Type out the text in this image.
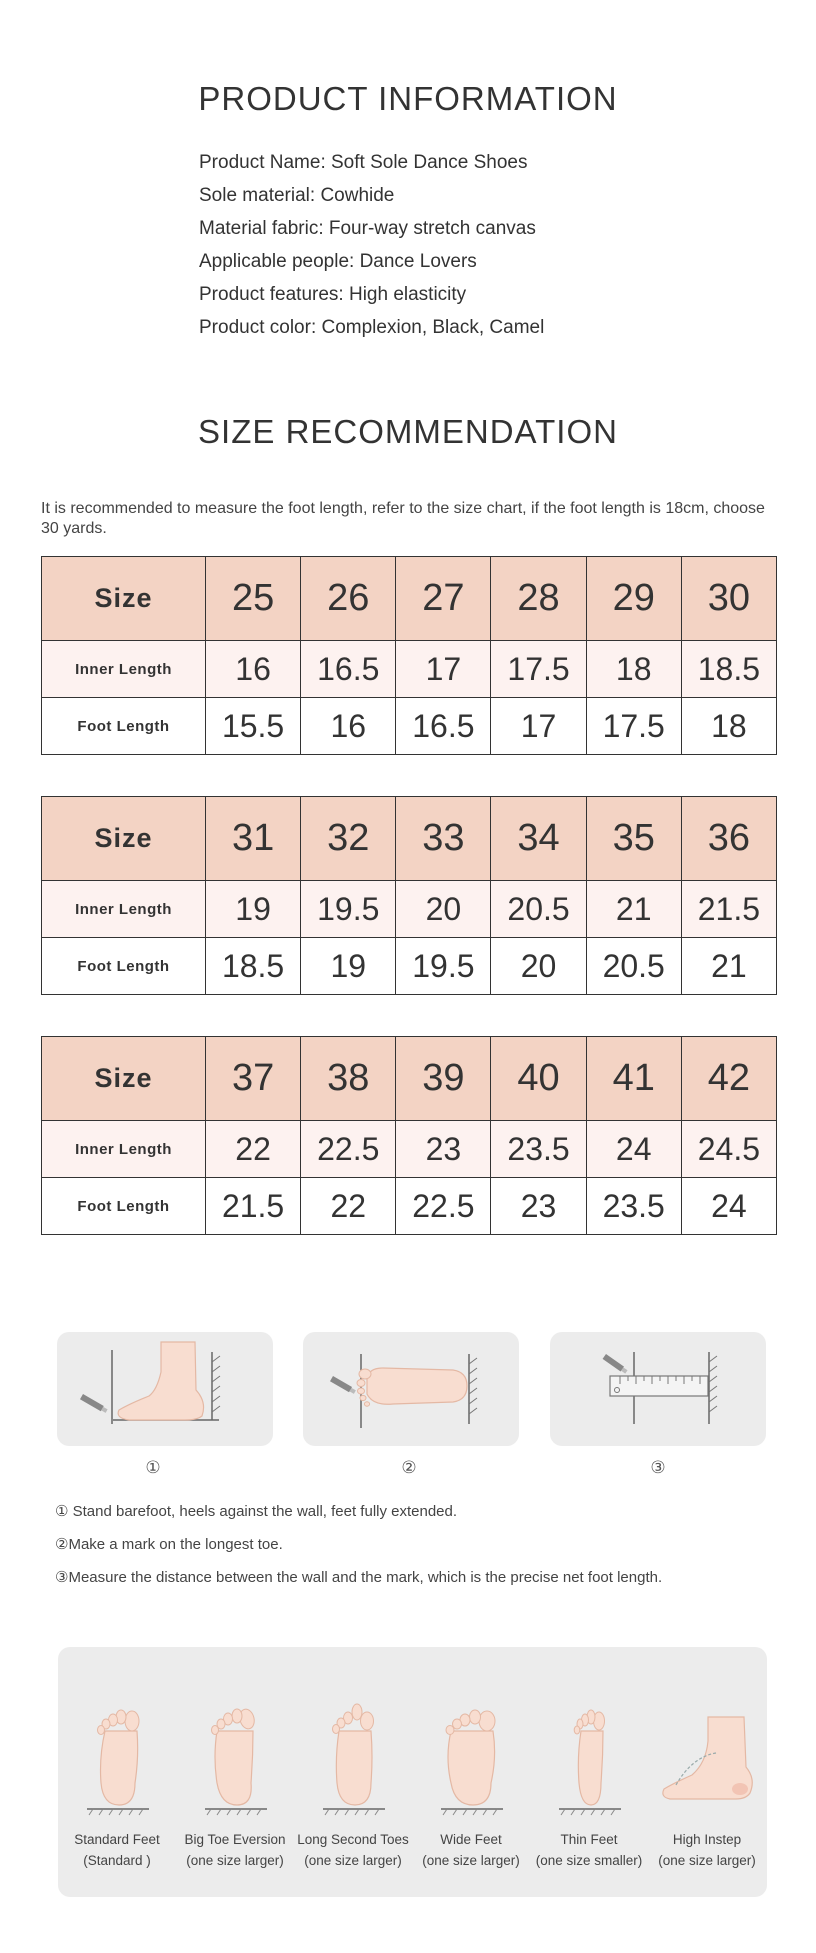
PRODUCT INFORMATION
Product Name: Soft Sole Dance Shoes
Sole material: Cowhide
Material fabric: Four-way stretch canvas
Applicable people: Dance Lovers
Product features: High elasticity
Product color: Complexion, Black, Camel
SIZE RECOMMENDATION

It is recommended to measure the foot length, refer to the size chart, if the foot length is 18cm, choose 30 yards.

Size	25	26	27	28	29	30
Inner Length	16	16.5	17	17.5	18	18.5
Foot Length	15.5	16	16.5	17	17.5	18
Size	31	32	33	34	35	36
Inner Length	19	19.5	20	20.5	21	21.5
Foot Length	18.5	19	19.5	20	20.5	21
Size	37	38	39	40	41	42
Inner Length	22	22.5	23	23.5	24	24.5
Foot Length	21.5	22	22.5	23	23.5	24
①	②	③

① Stand barefoot, heels against the wall, feet fully extended.

②Make a mark on the longest toe.

③Measure the distance between the wall and the mark, which is the precise net foot length.

Standard Feet
(Standard )
Big Toe Eversion
(one size larger)
Long Second Toes
(one size larger)
Wide Feet
(one size larger)
Thin Feet
(one size smaller)
High Instep
(one size larger)
